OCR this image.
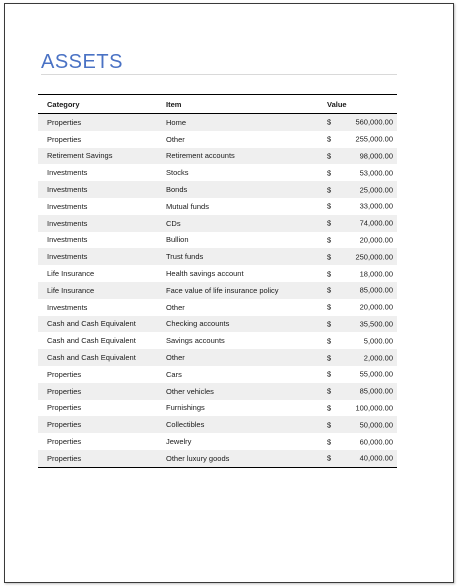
ASSETS
Category	Item	Value
Properties	Home	$ 560,000.00

Properties	Other	$ 255,000.00

Retirement Savings	Retirement accounts	$ 98,000.00

Investments	Stocks	$ 53,000.00

Investments	Bonds	$ 25,000.00

Investments	Mutual funds	$ 33,000.00

Investments	CDs	$ 74,000.00

Investments	Bullion	$ 20,000.00

Investments	Trust funds	$ 250,000.00

Life Insurance	Health savings account	$ 18,000.00

Life Insurance	Face value of life insurance policy	$ 85,000.00

Investments	Other	$ 20,000.00

Cash and Cash Equivalent	Checking accounts	$ 35,500.00

Cash and Cash Equivalent	Savings accounts	$ 5,000.00

Cash and Cash Equivalent	Other	$ 2,000.00

Properties	Cars	$ 55,000.00

Properties	Other vehicles	$ 85,000.00

Properties	Furnishings	$ 100,000.00

Properties	Collectibles	$ 50,000.00

Properties	Jewelry	$ 60,000.00

Properties	Other luxury goods	$ 40,000.00
